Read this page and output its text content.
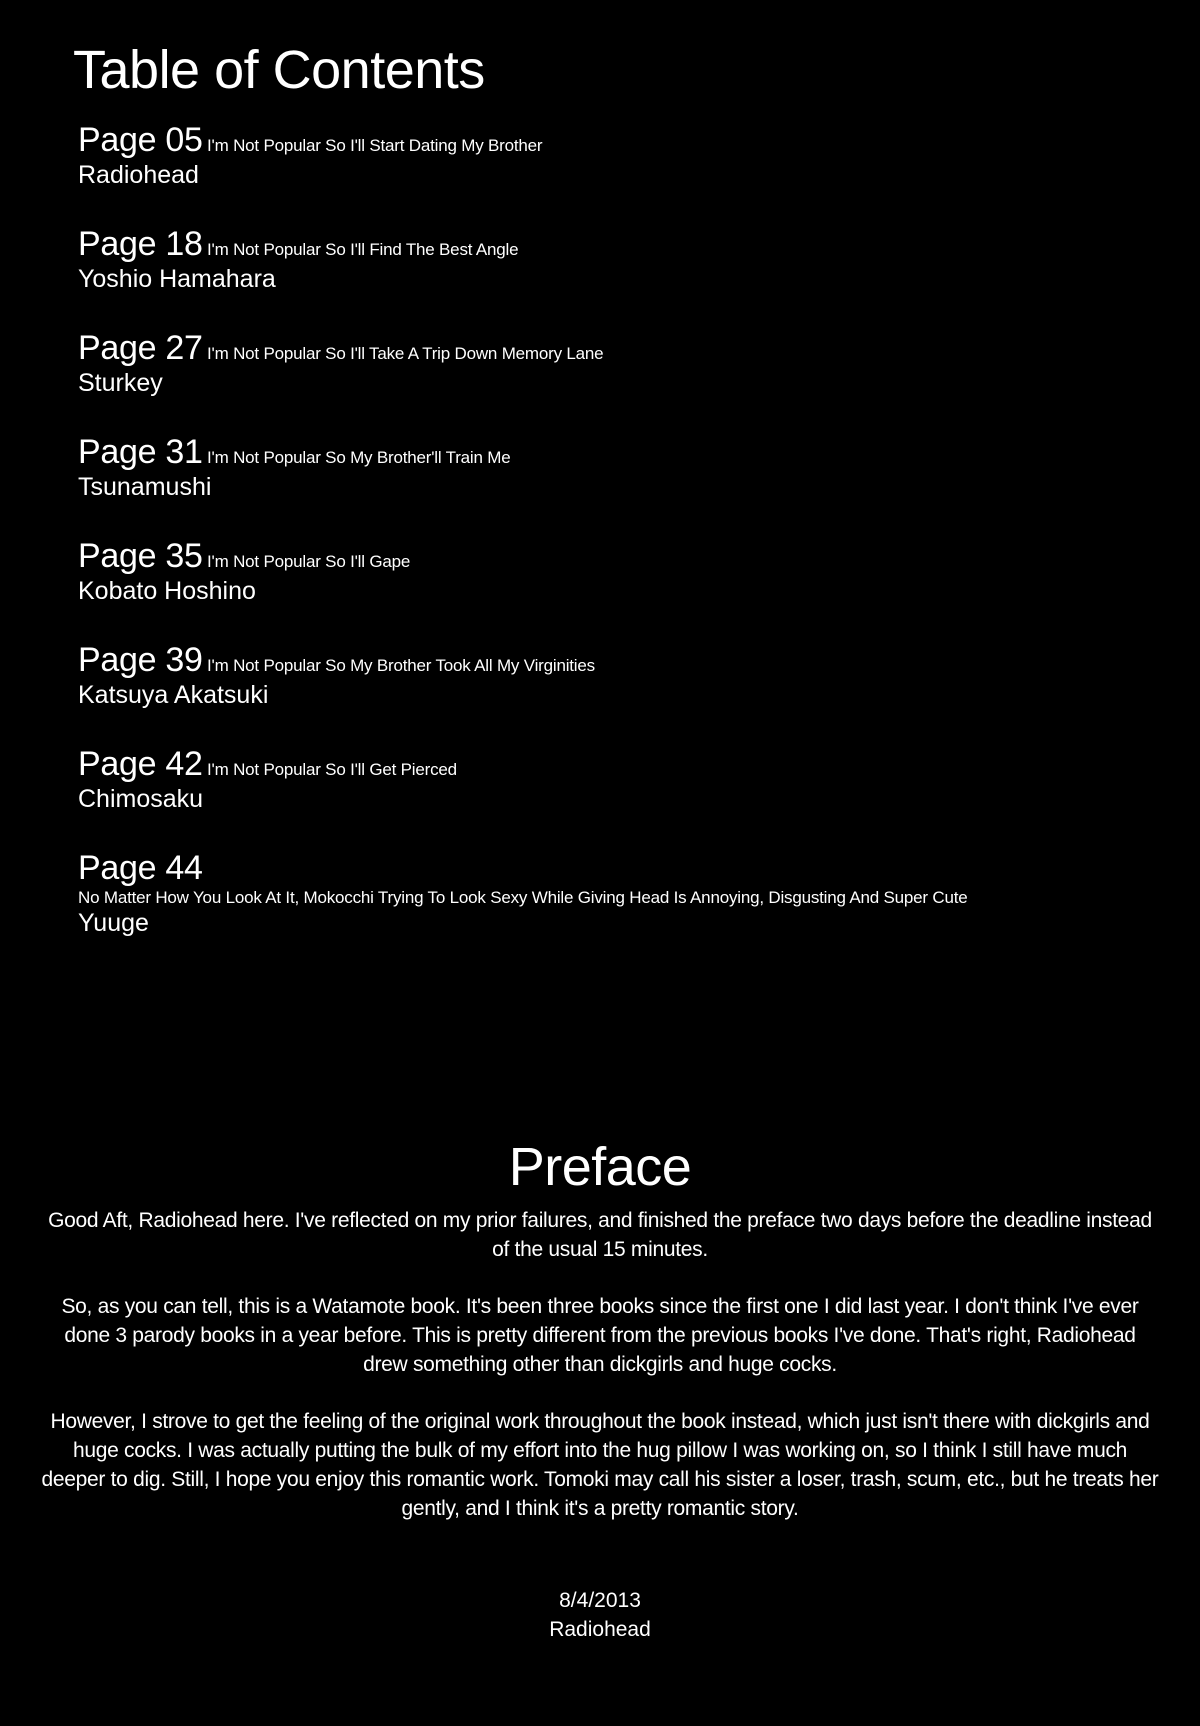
Table of Contents
Page 05 I'm Not Popular So I'll Start Dating My Brother
Radiohead
Page 18 I'm Not Popular So I'll Find The Best Angle
Yoshio Hamahara
Page 27 I'm Not Popular So I'll Take A Trip Down Memory Lane
Sturkey
Page 31 I'm Not Popular So My Brother'll Train Me
Tsunamushi
Page 35 I'm Not Popular So I'll Gape
Kobato Hoshino
Page 39 I'm Not Popular So My Brother Took All My Virginities
Katsuya Akatsuki
Page 42 I'm Not Popular So I'll Get Pierced
Chimosaku
Page 44
No Matter How You Look At It, Mokocchi Trying To Look Sexy While Giving Head Is Annoying, Disgusting And Super Cute
Yuuge
Preface

Good Aft, Radiohead here. I've reflected on my prior failures, and finished the preface two days before the deadline instead of the usual 15 minutes.

So, as you can tell, this is a Watamote book. It's been three books since the first one I did last year. I don't think I've ever done 3 parody books in a year before. This is pretty different from the previous books I've done. That's right, Radiohead drew something other than dickgirls and huge cocks.

However, I strove to get the feeling of the original work throughout the book instead, which just isn't there with dickgirls and huge cocks. I was actually putting the bulk of my effort into the hug pillow I was working on, so I think I still have much deeper to dig. Still, I hope you enjoy this romantic work. Tomoki may call his sister a loser, trash, scum, etc., but he treats her gently, and I think it's a pretty romantic story.

8/4/2013
Radiohead
